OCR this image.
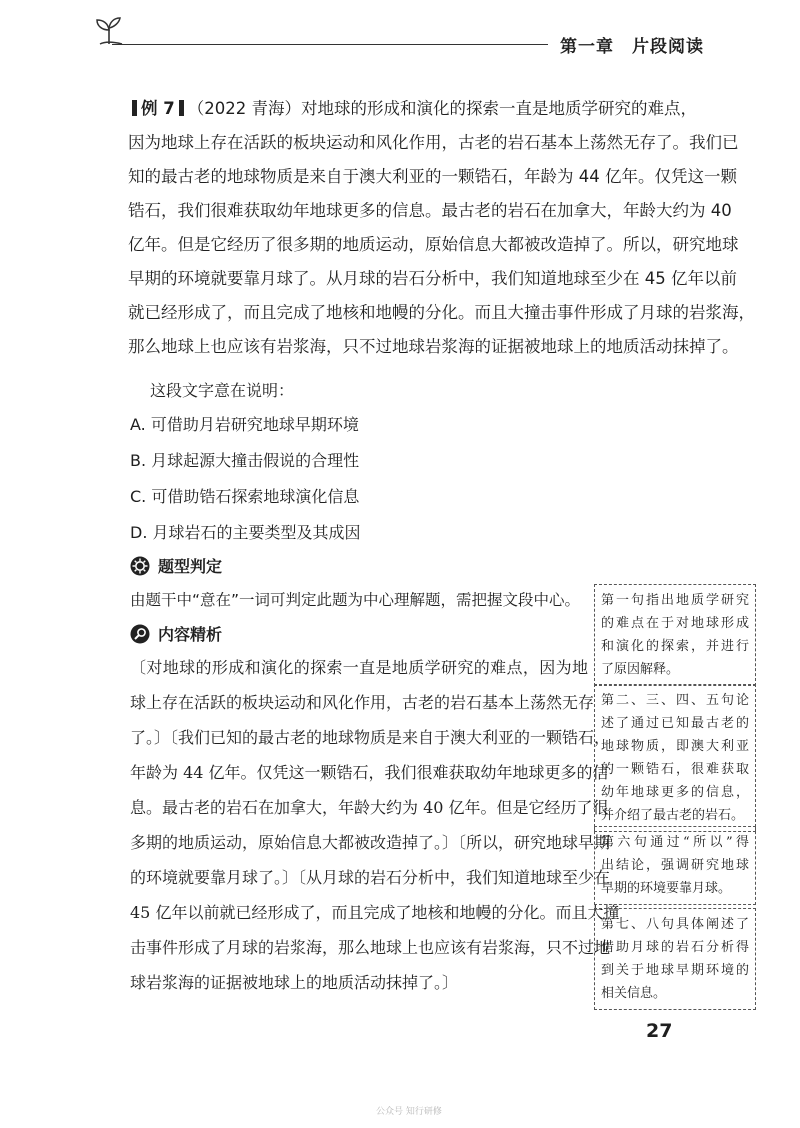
第一章　片段阅读
例 7 （2022 青海）对地球的形成和演化的探索一直是地质学研究的难点，
因为地球上存在活跃的板块运动和风化作用，古老的岩石基本上荡然无存了。我们已
知的最古老的地球物质是来自于澳大利亚的一颗锆石，年龄为 44 亿年。仅凭这一颗
锆石，我们很难获取幼年地球更多的信息。最古老的岩石在加拿大，年龄大约为 40
亿年。但是它经历了很多期的地质运动，原始信息大都被改造掉了。所以，研究地球
早期的环境就要靠月球了。从月球的岩石分析中，我们知道地球至少在 45 亿年以前
就已经形成了，而且完成了地核和地幔的分化。而且大撞击事件形成了月球的岩浆海，
那么地球上也应该有岩浆海，只不过地球岩浆海的证据被地球上的地质活动抹掉了。
这段文字意在说明：
A. 可借助月岩研究地球早期环境
B. 月球起源大撞击假说的合理性
C. 可借助锆石探索地球演化信息
D. 月球岩石的主要类型及其成因
题型判定
由题干中“意在”一词可判定此题为中心理解题，需把握文段中心。
内容精析
〔对地球的形成和演化的探索一直是地质学研究的难点，因为地
球上存在活跃的板块运动和风化作用，古老的岩石基本上荡然无存
了。〕〔我们已知的最古老的地球物质是来自于澳大利亚的一颗锆石，
年龄为 44 亿年。仅凭这一颗锆石，我们很难获取幼年地球更多的信
息。最古老的岩石在加拿大，年龄大约为 40 亿年。但是它经历了很
多期的地质运动，原始信息大都被改造掉了。〕〔所以，研究地球早期
的环境就要靠月球了。〕〔从月球的岩石分析中，我们知道地球至少在
45 亿年以前就已经形成了，而且完成了地核和地幔的分化。而且大撞
击事件形成了月球的岩浆海，那么地球上也应该有岩浆海，只不过地
球岩浆海的证据被地球上的地质活动抹掉了。〕
第一句指出地质学研究
的难点在于对地球形成
和演化的探索，并进行
了原因解释。
第二、三、四、五句论
述了通过已知最古老的
地球物质，即澳大利亚
的一颗锆石，很难获取
幼年地球更多的信息，
并介绍了最古老的岩石。
第六句通过“所以”得
出结论，强调研究地球
早期的环境要靠月球。
第七、八句具体阐述了
借助月球的岩石分析得
到关于地球早期环境的
相关信息。
27
公众号 知行研修
